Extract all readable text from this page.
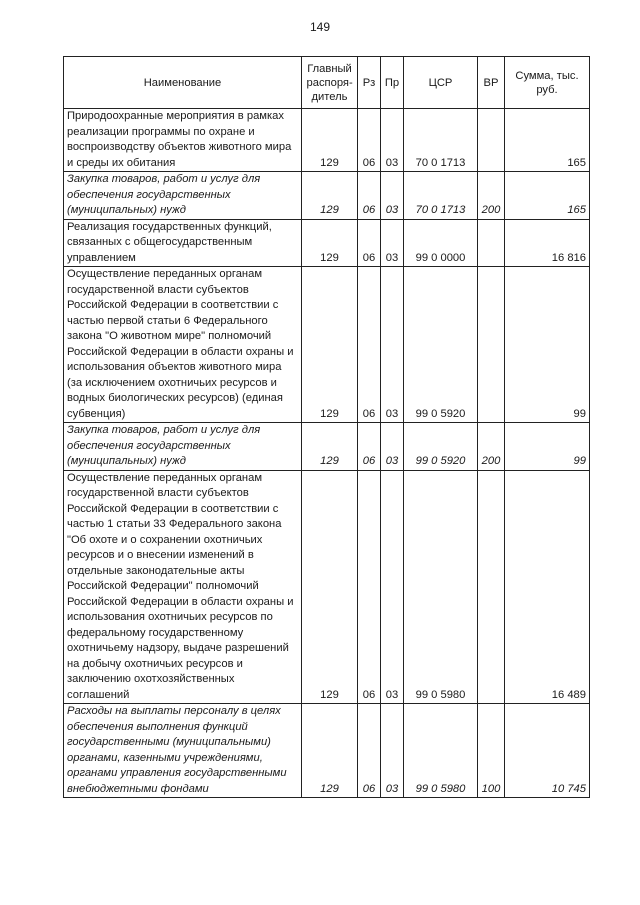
149
Наименование	Главный распоря-дитель	Рз	Пр	ЦСР	ВР	Сумма, тыс. руб.

Природоохранные мероприятия в рамках реализации программы по охране и воспроизводству объектов животного мира и среды их обитания	129	06	03	70 0 1713		165
Закупка товаров, работ и услуг для обеспечения государственных (муниципальных) нужд	129	06	03	70 0 1713	200	165
Реализация государственных функций, связанных с общегосударственным управлением	129	06	03	99 0 0000		16 816
Осуществление переданных органам государственной власти субъектов Российской Федерации в соответствии с частью первой статьи 6 Федерального закона "О животном мире" полномочий Российской Федерации в области охраны и использования объектов животного мира (за исключением охотничьих ресурсов и водных биологических ресурсов) (единая субвенция)	129	06	03	99 0 5920		99
Закупка товаров, работ и услуг для обеспечения государственных (муниципальных) нужд	129	06	03	99 0 5920	200	99
Осуществление переданных органам государственной власти субъектов Российской Федерации в соответствии с частью 1 статьи 33 Федерального закона "Об охоте и о сохранении охотничьих ресурсов и о внесении изменений в отдельные законодательные акты Российской Федерации" полномочий Российской Федерации в области охраны и использования охотничьих ресурсов по федеральному государственному охотничьему надзору, выдаче разрешений на добычу охотничьих ресурсов и заключению охотхозяйственных соглашений	129	06	03	99 0 5980		16 489
Расходы на выплаты персоналу в целях обеспечения выполнения функций государственными (муниципальными) органами, казенными учреждениями, органами управления государственными внебюджетными фондами	129	06	03	99 0 5980	100	10 745
